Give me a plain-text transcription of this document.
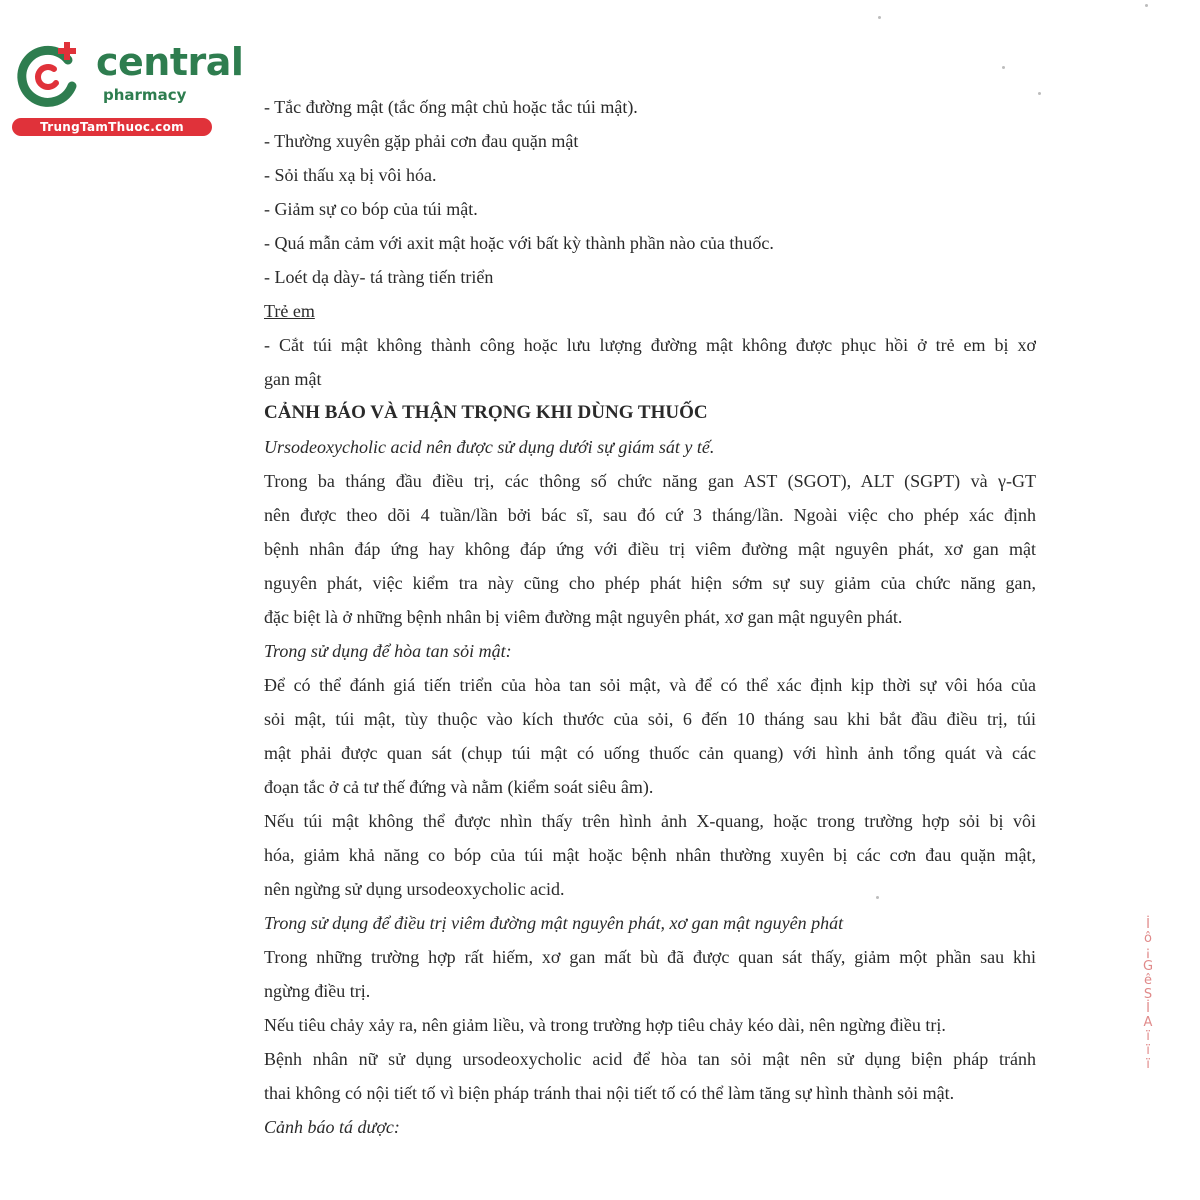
central
pharmacy
TrungTamThuoc.com
- Tắc đường mật (tắc ống mật chủ hoặc tắc túi mật).
- Thường xuyên gặp phải cơn đau quặn mật
- Sỏi thấu xạ bị vôi hóa.
- Giảm sự co bóp của túi mật.
- Quá mẫn cảm với axit mật hoặc với bất kỳ thành phần nào của thuốc.
- Loét dạ dày- tá tràng tiến triển
Trẻ em
- Cắt túi mật không thành công hoặc lưu lượng đường mật không được phục hồi ở trẻ em bị xơ
gan mật
CẢNH BÁO VÀ THẬN TRỌNG KHI DÙNG THUỐC
Ursodeoxycholic acid nên được sử dụng dưới sự giám sát y tế.
Trong ba tháng đầu điều trị, các thông số chức năng gan AST (SGOT), ALT (SGPT) và γ-GT
nên được theo dõi 4 tuần/lần bởi bác sĩ, sau đó cứ 3 tháng/lần. Ngoài việc cho phép xác định
bệnh nhân đáp ứng hay không đáp ứng với điều trị viêm đường mật nguyên phát, xơ gan mật
nguyên phát, việc kiểm tra này cũng cho phép phát hiện sớm sự suy giảm của chức năng gan,
đặc biệt là ở những bệnh nhân bị viêm đường mật nguyên phát, xơ gan mật nguyên phát.
Trong sử dụng để hòa tan sỏi mật:
Để có thể đánh giá tiến triển của hòa tan sỏi mật, và để có thể xác định kịp thời sự vôi hóa của
sỏi mật, túi mật, tùy thuộc vào kích thước của sỏi, 6 đến 10 tháng sau khi bắt đầu điều trị, túi
mật phải được quan sát (chụp túi mật có uống thuốc cản quang) với hình ảnh tổng quát và các
đoạn tắc ở cả tư thế đứng và nằm (kiểm soát siêu âm).
Nếu túi mật không thể được nhìn thấy trên hình ảnh X-quang, hoặc trong trường hợp sỏi bị vôi
hóa, giảm khả năng co bóp của túi mật hoặc bệnh nhân thường xuyên bị các cơn đau quặn mật,
nên ngừng sử dụng ursodeoxycholic acid.
Trong sử dụng để điều trị viêm đường mật nguyên phát, xơ gan mật nguyên phát
Trong những trường hợp rất hiếm, xơ gan mất bù đã được quan sát thấy, giảm một phần sau khi
ngừng điều trị.
Nếu tiêu chảy xảy ra, nên giảm liều, và trong trường hợp tiêu chảy kéo dài, nên ngừng điều trị.
Bệnh nhân nữ sử dụng ursodeoxycholic acid để hòa tan sỏi mật nên sử dụng biện pháp tránh
thai không có nội tiết tố vì biện pháp tránh thai nội tiết tố có thể làm tăng sự hình thành sỏi mật.
Cảnh báo tá dược:
İ
ô
¡
G
ê
S
İ
A
ï
ï
ï
